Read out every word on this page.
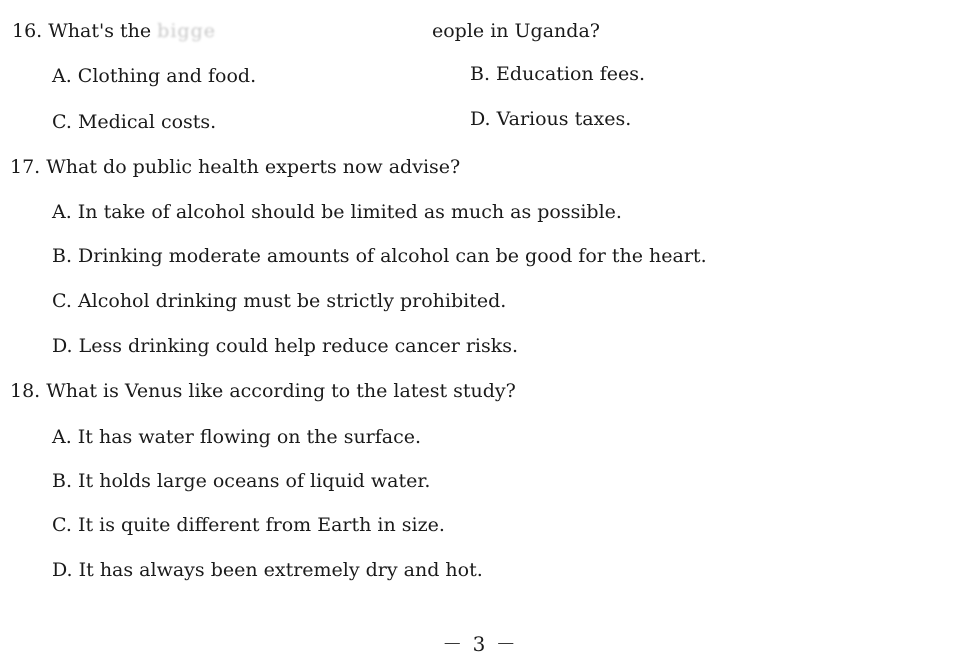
16. What's the bigge	eople in Uganda?
A. Clothing and food.	B. Education fees.
C. Medical costs.	D. Various taxes.
17. What do public health experts now advise?
A. In take of alcohol should be limited as much as possible.
B. Drinking moderate amounts of alcohol can be good for the heart.
C. Alcohol drinking must be strictly prohibited.
D. Less drinking could help reduce cancer risks.
18. What is Venus like according to the latest study?
A. It has water flowing on the surface.
B. It holds large oceans of liquid water.
C. It is quite different from Earth in size.
D. It has always been extremely dry and hot.
－ 3 －
